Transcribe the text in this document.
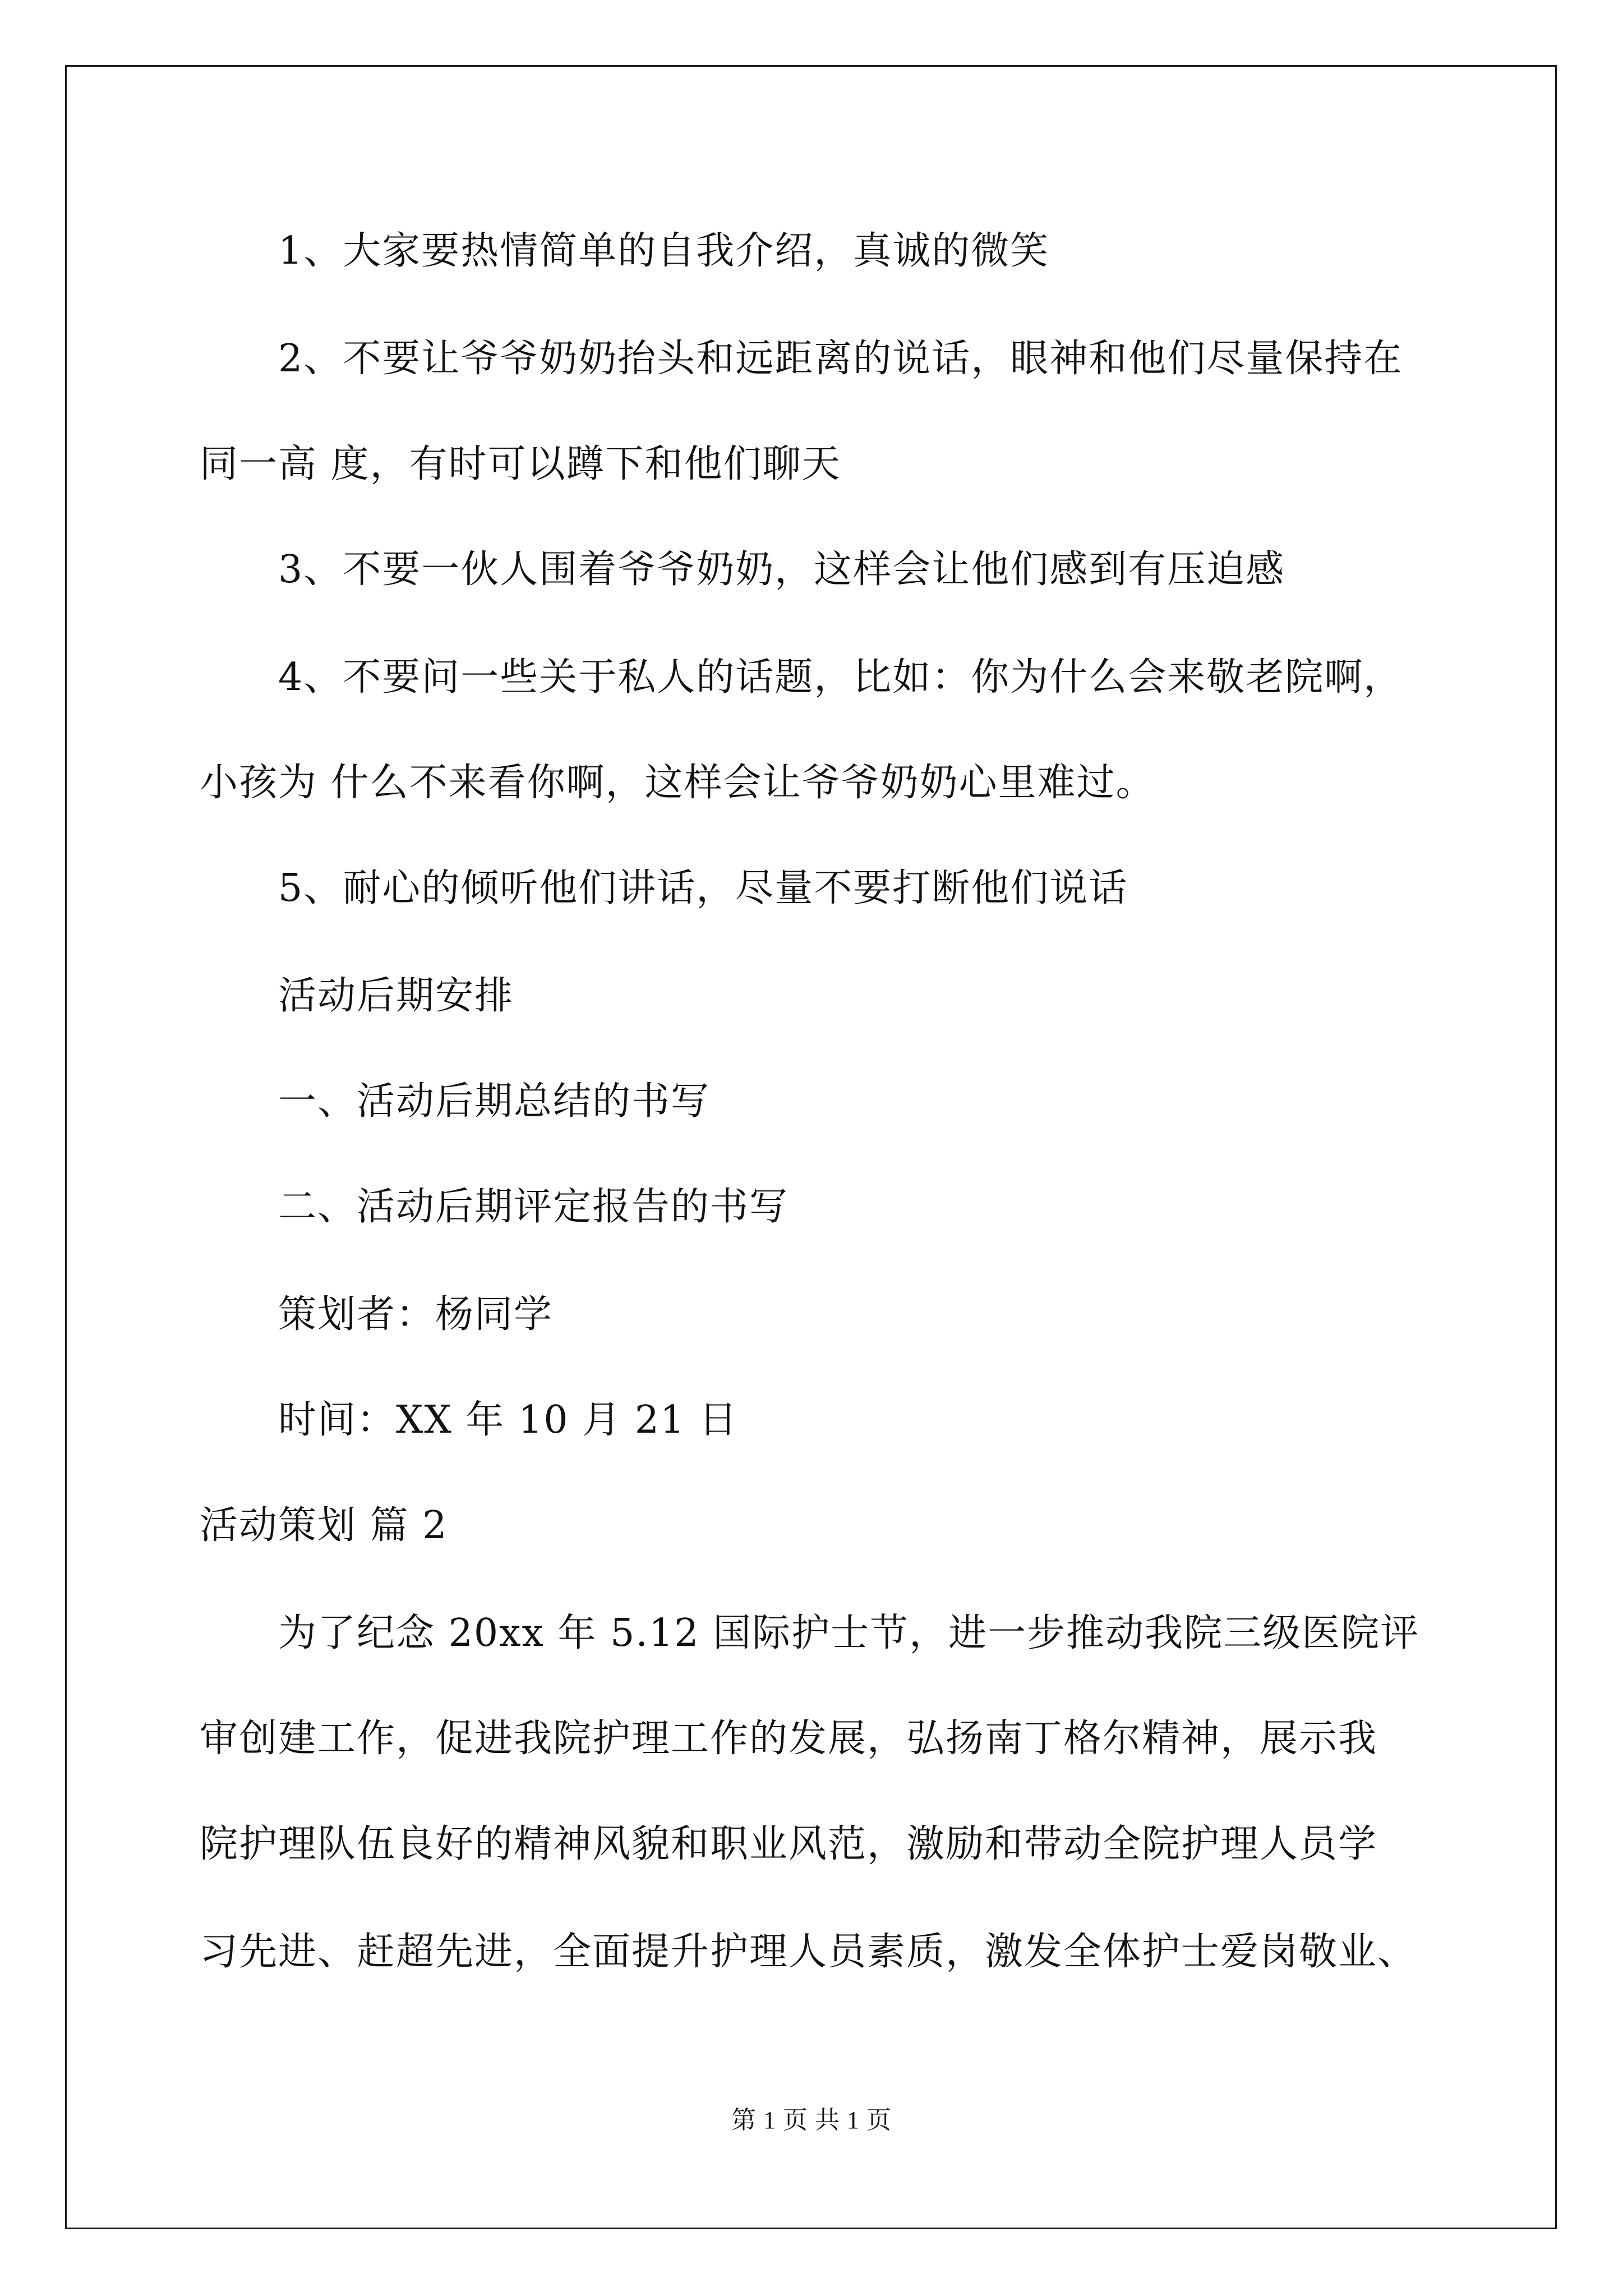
1、大家要热情简单的自我介绍，真诚的微笑
2、不要让爷爷奶奶抬头和远距离的说话，眼神和他们尽量保持在
同一高 度，有时可以蹲下和他们聊天
3、不要一伙人围着爷爷奶奶，这样会让他们感到有压迫感
4、不要问一些关于私人的话题，比如：你为什么会来敬老院啊，
小孩为 什么不来看你啊，这样会让爷爷奶奶心里难过。
5、耐心的倾听他们讲话，尽量不要打断他们说话
活动后期安排
一、活动后期总结的书写
二、活动后期评定报告的书写
策划者：杨同学
时间：XX 年 10 月 21 日
活动策划 篇 2
为了纪念 20xx 年 5.12 国际护士节，进一步推动我院三级医院评
审创建工作，促进我院护理工作的发展，弘扬南丁格尔精神，展示我
院护理队伍良好的精神风貌和职业风范，激励和带动全院护理人员学
习先进、赶超先进，全面提升护理人员素质，激发全体护士爱岗敬业、
第 1 页 共 1 页
